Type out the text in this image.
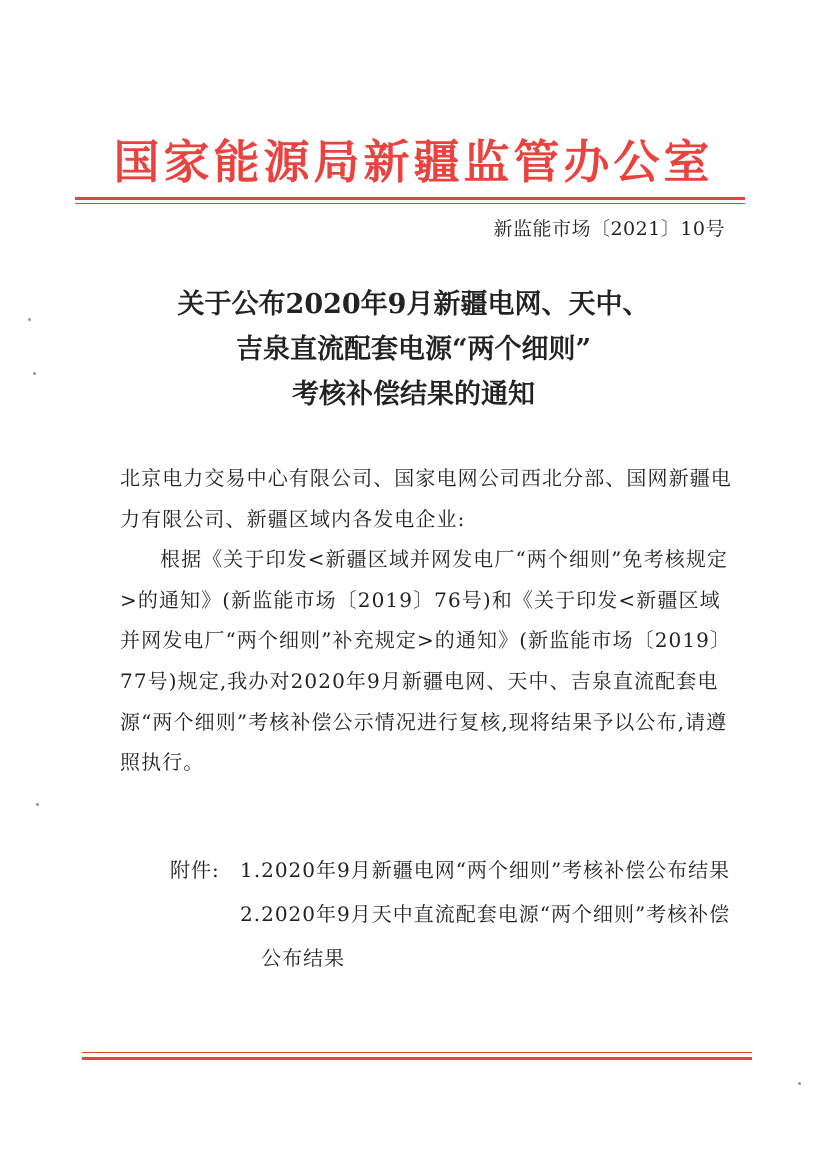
国家能源局新疆监管办公室
新监能市场〔2021〕10号
关于公布2020年9月新疆电网、天中、
吉泉直流配套电源“两个细则”
考核补偿结果的通知

北京电力交易中心有限公司、国家电网公司西北分部、国网新疆电力有限公司、新疆区域内各发电企业:

根据《关于印发<新疆区域并网发电厂“两个细则”免考核规定>的通知》(新监能市场〔2019〕76号)和《关于印发<新疆区域并网发电厂“两个细则”补充规定>的通知》(新监能市场〔2019〕77号)规定,我办对2020年9月新疆电网、天中、吉泉直流配套电源“两个细则”考核补偿公示情况进行复核,现将结果予以公布,请遵照执行。

附件:	1. 2020年9月新疆电网“两个细则”考核补偿公布结果
2. 2020年9月天中直流配套电源“两个细则”考核补偿公布结果
